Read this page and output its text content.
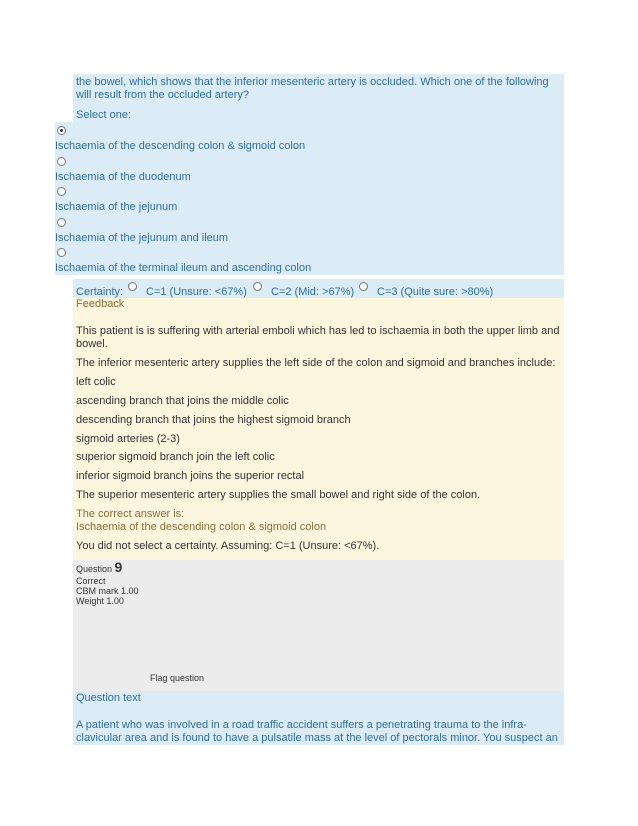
the bowel, which shows that the inferior mesenteric artery is occluded. Which one of the following
will result from the occluded artery?
Select one:
Ischaemia of the descending colon & sigmoid colon
Ischaemia of the duodenum
Ischaemia of the jejunum
Ischaemia of the jejunum and ileum
Ischaemia of the terminal ileum and ascending colon
Certainty: C=1 (Unsure: <67%) C=2 (Mid: >67%) C=3 (Quite sure: >80%)
Feedback
This patient is is suffering with arterial emboli which has led to ischaemia in both the upper limb and
bowel.
The inferior mesenteric artery supplies the left side of the colon and sigmoid and branches include:
left colic
ascending branch that joins the middle colic
descending branch that joins the highest sigmoid branch
sigmoid arteries (2-3)
superior sigmoid branch join the left colic
inferior sigmoid branch joins the superior rectal
The superior mesenteric artery supplies the small bowel and right side of the colon.
The correct answer is:
Ischaemia of the descending colon & sigmoid colon
You did not select a certainty. Assuming: C=1 (Unsure: <67%).
Question 9
Correct
CBM mark 1.00
Weight 1.00
Flag question
Question text
A patient who was involved in a road traffic accident suffers a penetrating trauma to the infra-
clavicular area and is found to have a pulsatile mass at the level of pectorals minor. You suspect an
